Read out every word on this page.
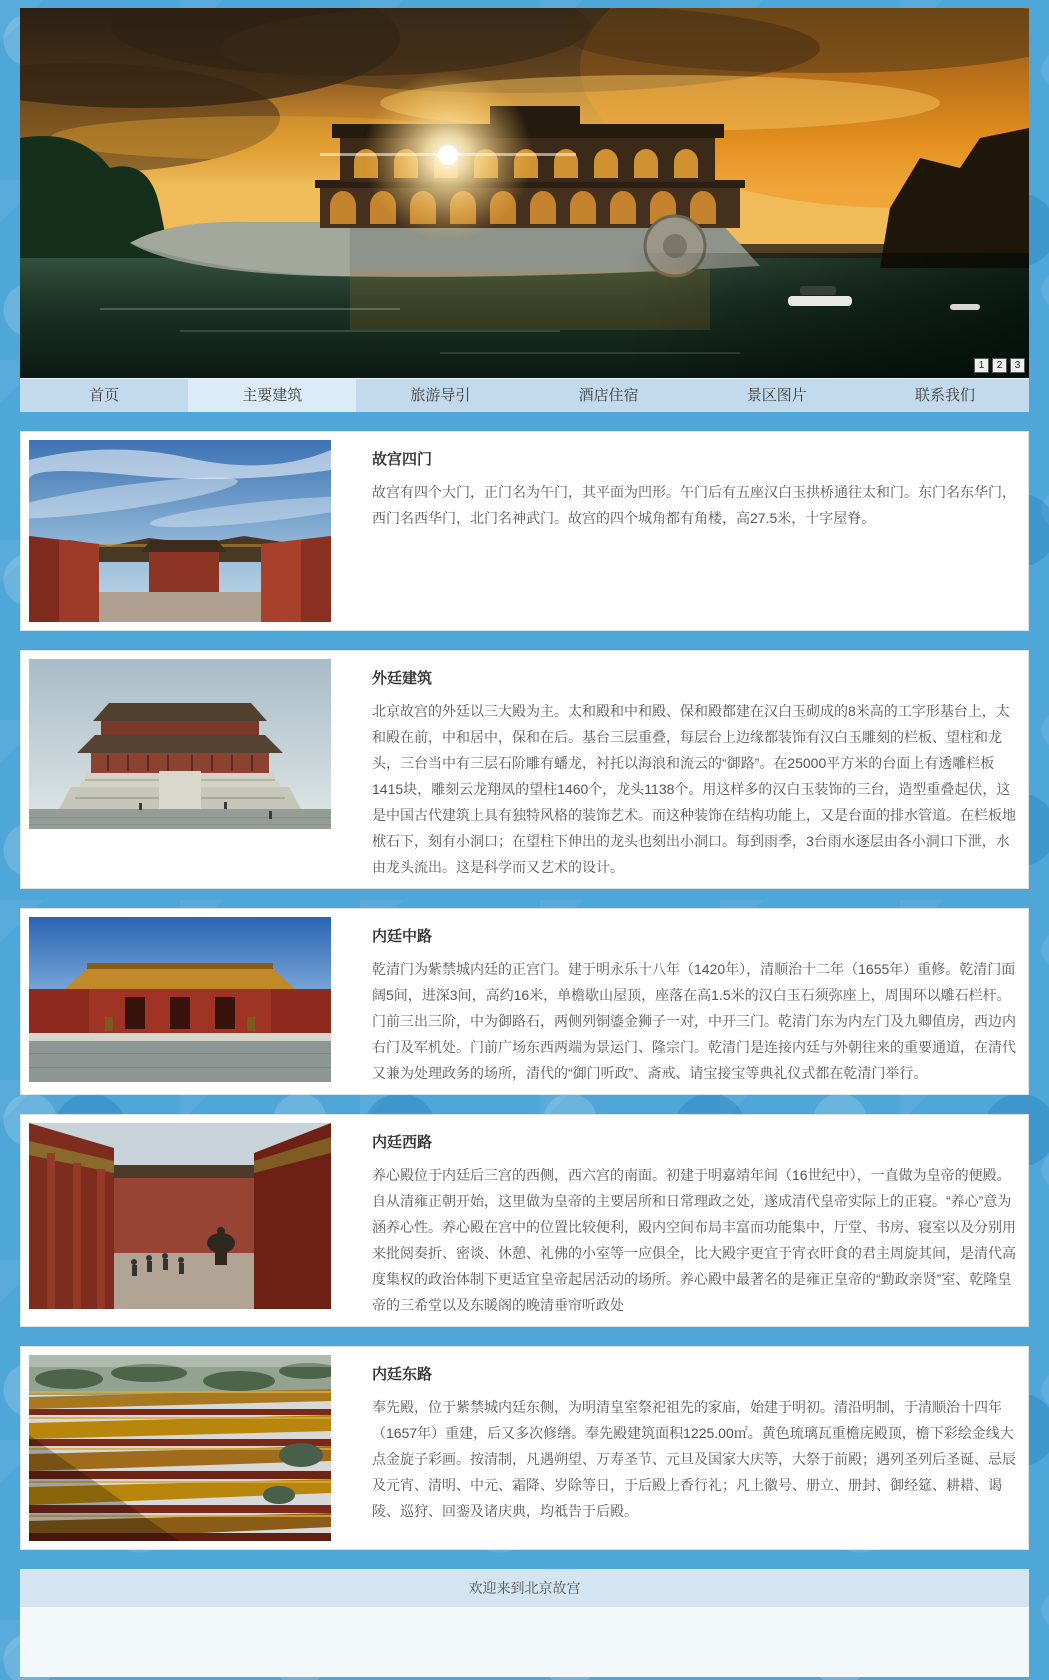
1	2	3
首页	主要建筑	旅游导引	酒店住宿	景区图片	联系我们
故宫四门
故宫有四个大门，正门名为午门，其平面为凹形。午门后有五座汉白玉拱桥通往太和门。东门名东华门，西门名西华门，北门名神武门。故宫的四个城角都有角楼，高27.5米，十字屋脊。
外廷建筑
北京故宫的外廷以三大殿为主。太和殿和中和殿、保和殿都建在汉白玉砌成的8米高的工字形基台上，太和殿在前，中和居中，保和在后。基台三层重叠，每层台上边缘都装饰有汉白玉雕刻的栏板、望柱和龙头，三台当中有三层石阶雕有蟠龙，衬托以海浪和流云的“御路”。在25000平方米的台面上有透雕栏板1415块，雕刻云龙翔凤的望柱1460个，龙头1138个。用这样多的汉白玉装饰的三台，造型重叠起伏，这是中国古代建筑上具有独特风格的装饰艺术。而这种装饰在结构功能上，又是台面的排水管道。在栏板地栿石下，刻有小洞口；在望柱下伸出的龙头也刻出小洞口。每到雨季，3台雨水逐层由各小洞口下泄，水由龙头流出。这是科学而又艺术的设计。
内廷中路
乾清门为紫禁城内廷的正宫门。建于明永乐十八年（1420年），清顺治十二年（1655年）重修。乾清门面阔5间，进深3间，高约16米，单檐歇山屋顶，座落在高1.5米的汉白玉石须弥座上，周围环以雕石栏杆。门前三出三阶，中为御路石，两侧列铜鎏金狮子一对，中开三门。乾清门东为内左门及九卿值房，西边内右门及军机处。门前广场东西两端为景运门、隆宗门。乾清门是连接内廷与外朝往来的重要通道，在清代又兼为处理政务的场所，清代的“御门听政”、斋戒、请宝接宝等典礼仪式都在乾清门举行。
内廷西路
养心殿位于内廷后三宫的西侧，西六宫的南面。初建于明嘉靖年间（16世纪中），一直做为皇帝的便殿。自从清雍正朝开始，这里做为皇帝的主要居所和日常理政之处，遂成清代皇帝实际上的正寝。“养心”意为涵养心性。养心殿在宫中的位置比较便利，殿内空间布局丰富而功能集中，厅堂、书房、寝室以及分别用来批阅奏折、密谈、休憩、礼佛的小室等一应俱全，比大殿宇更宜于宵衣旰食的君主周旋其间，是清代高度集权的政治体制下更适宜皇帝起居活动的场所。养心殿中最著名的是雍正皇帝的“勤政亲贤”室、乾隆皇帝的三希堂以及东暖阁的晚清垂帘听政处
内廷东路
奉先殿，位于紫禁城内廷东侧，为明清皇室祭祀祖先的家庙，始建于明初。清沿明制，于清顺治十四年（1657年）重建，后又多次修缮。奉先殿建筑面积1225.00㎡。黄色琉璃瓦重檐庑殿顶，檐下彩绘金线大点金旋子彩画。按清制，凡遇朔望、万寿圣节、元旦及国家大庆等，大祭于前殿；遇列圣列后圣诞、忌辰及元宵、清明、中元、霜降、岁除等日，于后殿上香行礼；凡上徽号、册立、册封、御经筵、耕耤、谒陵、巡狩、回銮及诸庆典，均祗告于后殿。
欢迎来到北京故宫
